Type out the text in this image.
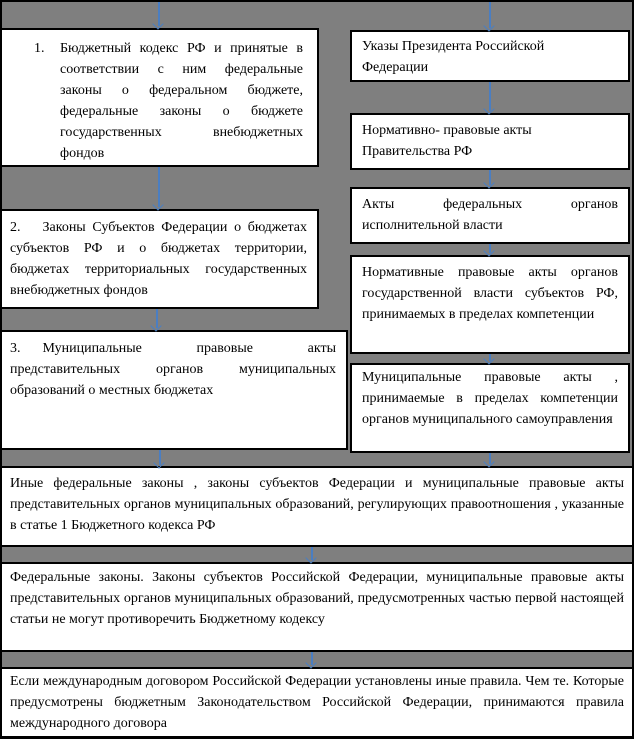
1. Бюджетный кодекс РФ и принятые в соответствии с ним федеральные законы о федеральном бюджете, федеральные законы о бюджете государственных внебюджетных фондов
2. Законы Субъектов Федерации о бюджетах субъектов РФ и о бюджетах территории, бюджетах территориальных государственных внебюджетных фондов
3. Муниципальные правовые акты представительных органов муниципальных образований о местных бюджетах
Указы Президента Российской Федерации
Нормативно- правовые акты Правительства РФ
Акты федеральных органов исполнительной власти
Нормативные правовые акты органов государственной власти субъектов РФ, принимаемых в пределах компетенции
Муниципальные правовые акты , принимаемые в пределах компетенции органов муниципального самоуправления
Иные федеральные законы , законы субъектов Федерации и муниципальные правовые акты представительных органов муниципальных образований, регулирующих правоотношения , указанные в статье 1 Бюджетного кодекса РФ
Федеральные законы. Законы субъектов Российской Федерации, муниципальные правовые акты представительных органов муниципальных образований, предусмотренных частью первой настоящей статьи не могут противоречить Бюджетному кодексу
Если международным договором Российской Федерации установлены иные правила. Чем те. Которые предусмотрены бюджетным Законодательством Российской Федерации, принимаются правила международного договора
